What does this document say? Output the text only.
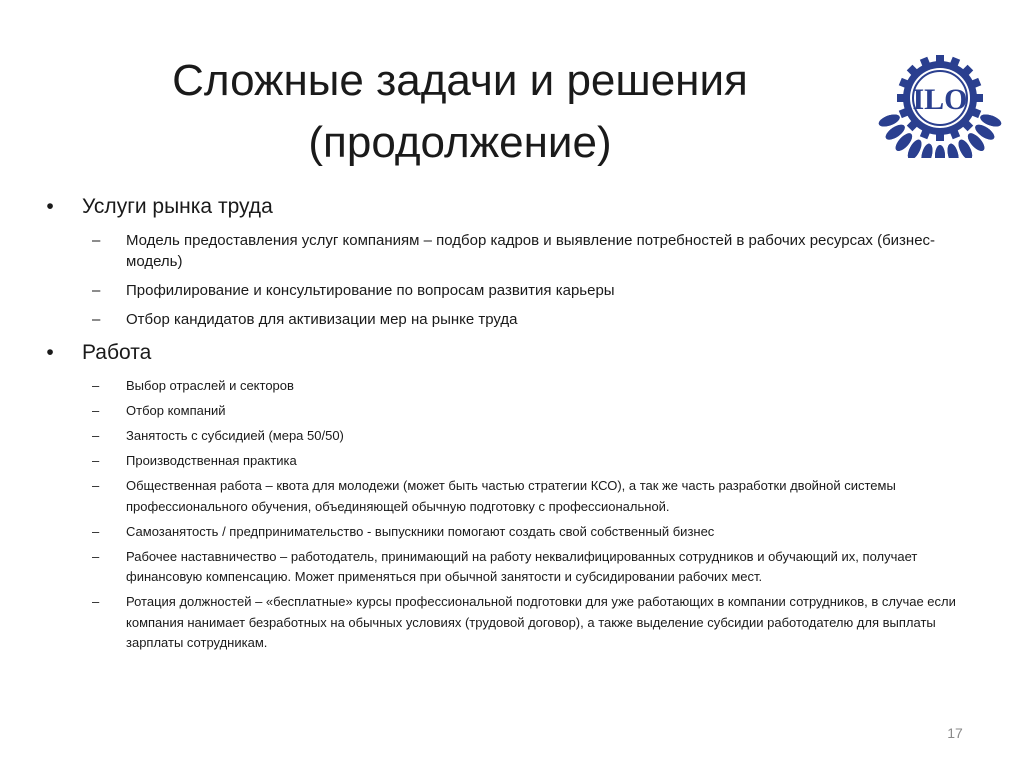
Сложные задачи и решения
(продолжение)
ILO
•	Услуги рынка труда
– Модель предоставления услуг компаниям – подбор кадров и выявление потребностей в рабочих ресурсах (бизнес-модель)
– Профилирование и консультирование по вопросам развития карьеры
– Отбор кандидатов для активизации мер на рынке труда
•	Работа
– Выбор отраслей и секторов
– Отбор компаний
– Занятость с субсидией (мера 50/50)
– Производственная практика
– Общественная работа – квота для молодежи (может быть частью стратегии КСО), а так же часть разработки двойной системы профессионального обучения, объединяющей обычную подготовку с профессиональной.
– Самозанятость / предпринимательство - выпускники помогают создать свой собственный бизнес
– Рабочее наставничество – работодатель, принимающий на работу неквалифицированных сотрудников и обучающий их, получает финансовую компенсацию. Может применяться при обычной занятости и субсидировании рабочих мест.
– Ротация должностей – «бесплатные» курсы профессиональной подготовки для уже работающих в компании сотрудников, в случае если компания нанимает безработных на обычных условиях (трудовой договор), а также выделение субсидии работодателю для выплаты зарплаты сотрудникам.
17
